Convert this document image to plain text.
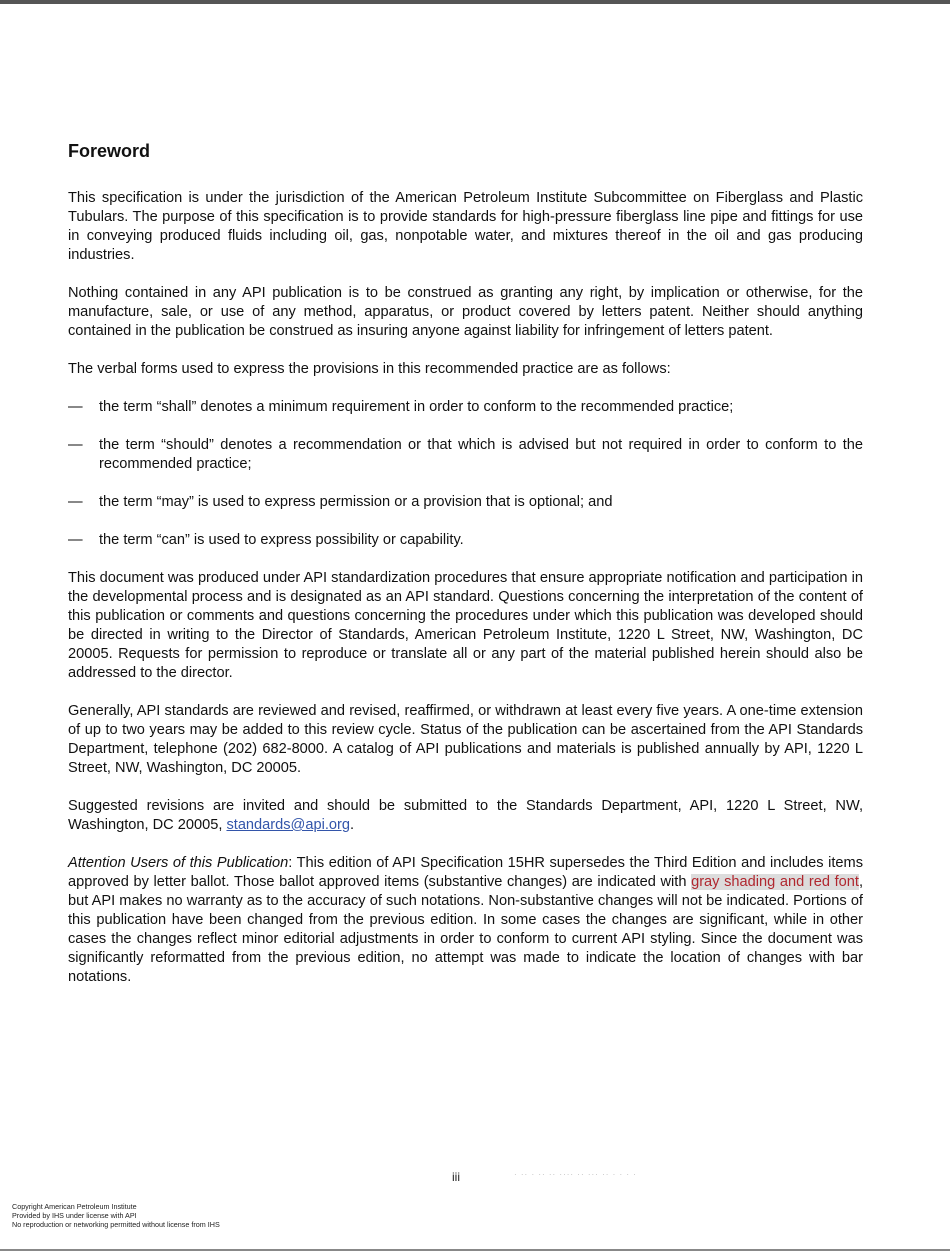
Foreword

This specification is under the jurisdiction of the American Petroleum Institute Subcommittee on Fiberglass and Plastic Tubulars. The purpose of this specification is to provide standards for high-pressure fiberglass line pipe and fittings for use in conveying produced fluids including oil, gas, nonpotable water, and mixtures thereof in the oil and gas producing industries.

Nothing contained in any API publication is to be construed as granting any right, by implication or otherwise, for the manufacture, sale, or use of any method, apparatus, or product covered by letters patent. Neither should anything contained in the publication be construed as insuring anyone against liability for infringement of letters patent.

The verbal forms used to express the provisions in this recommended practice are as follows:

—	the term “shall” denotes a minimum requirement in order to conform to the recommended practice;
—	the term “should” denotes a recommendation or that which is advised but not required in order to conform to the recommended practice;
—	the term “may” is used to express permission or a provision that is optional; and
—	the term “can” is used to express possibility or capability.

This document was produced under API standardization procedures that ensure appropriate notification and participation in the developmental process and is designated as an API standard. Questions concerning the interpretation of the content of this publication or comments and questions concerning the procedures under which this publication was developed should be directed in writing to the Director of Standards, American Petroleum Institute, 1220 L Street, NW, Washington, DC 20005. Requests for permission to reproduce or translate all or any part of the material published herein should also be addressed to the director.

Generally, API standards are reviewed and revised, reaffirmed, or withdrawn at least every five years. A one-time extension of up to two years may be added to this review cycle. Status of the publication can be ascertained from the API Standards Department, telephone (202) 682-8000. A catalog of API publications and materials is published annually by API, 1220 L Street, NW, Washington, DC 20005.

Suggested revisions are invited and should be submitted to the Standards Department, API, 1220 L Street, NW, Washington, DC 20005, standards@api.org.

Attention Users of this Publication: This edition of API Specification 15HR supersedes the Third Edition and includes items approved by letter ballot. Those ballot approved items (substantive changes) are indicated with gray shading and red font, but API makes no warranty as to the accuracy of such notations. Non-substantive changes will not be indicated. Portions of this publication have been changed from the previous edition. In some cases the changes are significant, while in other cases the changes reflect minor editorial adjustments in order to conform to current API styling. Since the document was significantly reformatted from the previous edition, no attempt was made to indicate the location of changes with bar notations.

iii	· ·· · ·· ·· ···· ·· ··· ·· · · · ·
Copyright American Petroleum Institute
Provided by IHS under license with API
No reproduction or networking permitted without license from IHS
